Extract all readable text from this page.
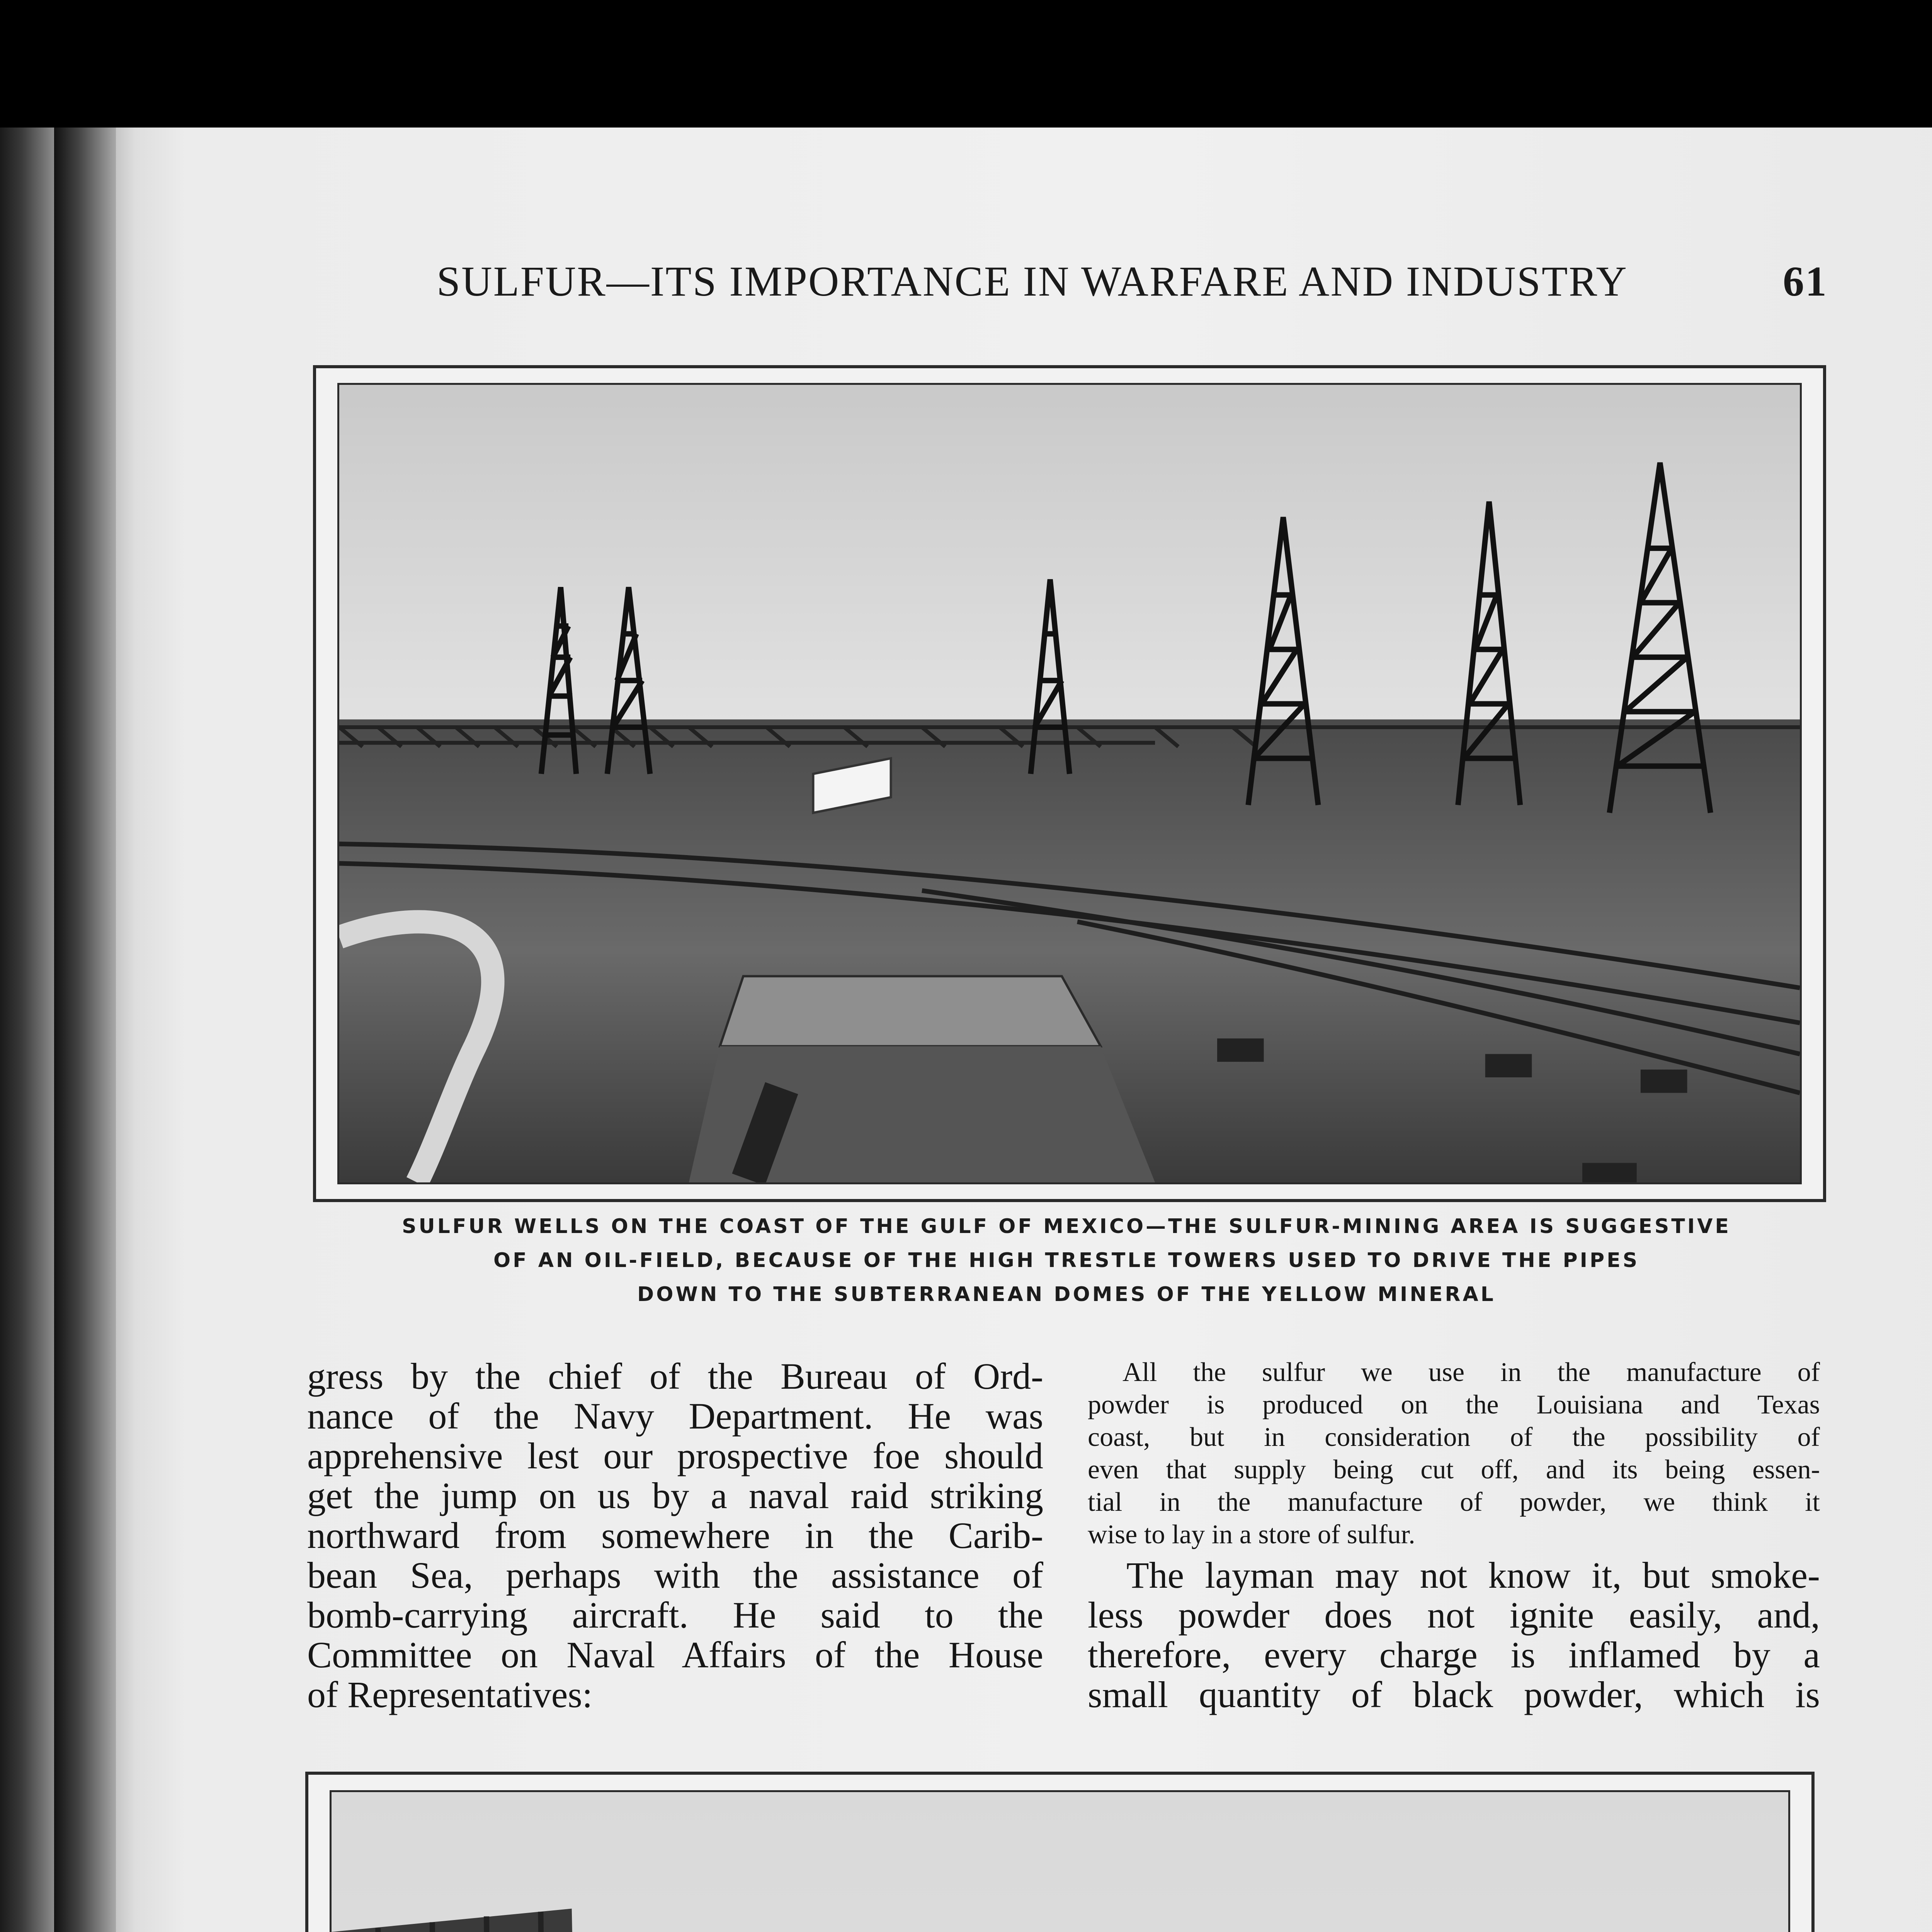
SULFUR—ITS IMPORTANCE IN WARFARE AND INDUSTRY	61
SULFUR WELLS ON THE COAST OF THE GULF OF MEXICO—THE SULFUR-MINING AREA IS SUGGESTIVE
OF AN OIL-FIELD, BECAUSE OF THE HIGH TRESTLE TOWERS USED TO DRIVE THE PIPES
DOWN TO THE SUBTERRANEAN DOMES OF THE YELLOW MINERAL
gress by the chief of the Bureau of Ord-
nance of the Navy Department. He was
apprehensive lest our prospective foe should
get the jump on us by a naval raid striking
northward from somewhere in the Carib-
bean Sea, perhaps with the assistance of
bomb-carrying aircraft. He said to the
Committee on Naval Affairs of the House
of Representatives:
All the sulfur we use in the manufacture of
powder is produced on the Louisiana and Texas
coast, but in consideration of the possibility of
even that supply being cut off, and its being essen-
tial in the manufacture of powder, we think it
wise to lay in a store of sulfur.
The layman may not know it, but smoke-
less powder does not ignite easily, and,
therefore, every charge is inflamed by a
small quantity of black powder, which is
